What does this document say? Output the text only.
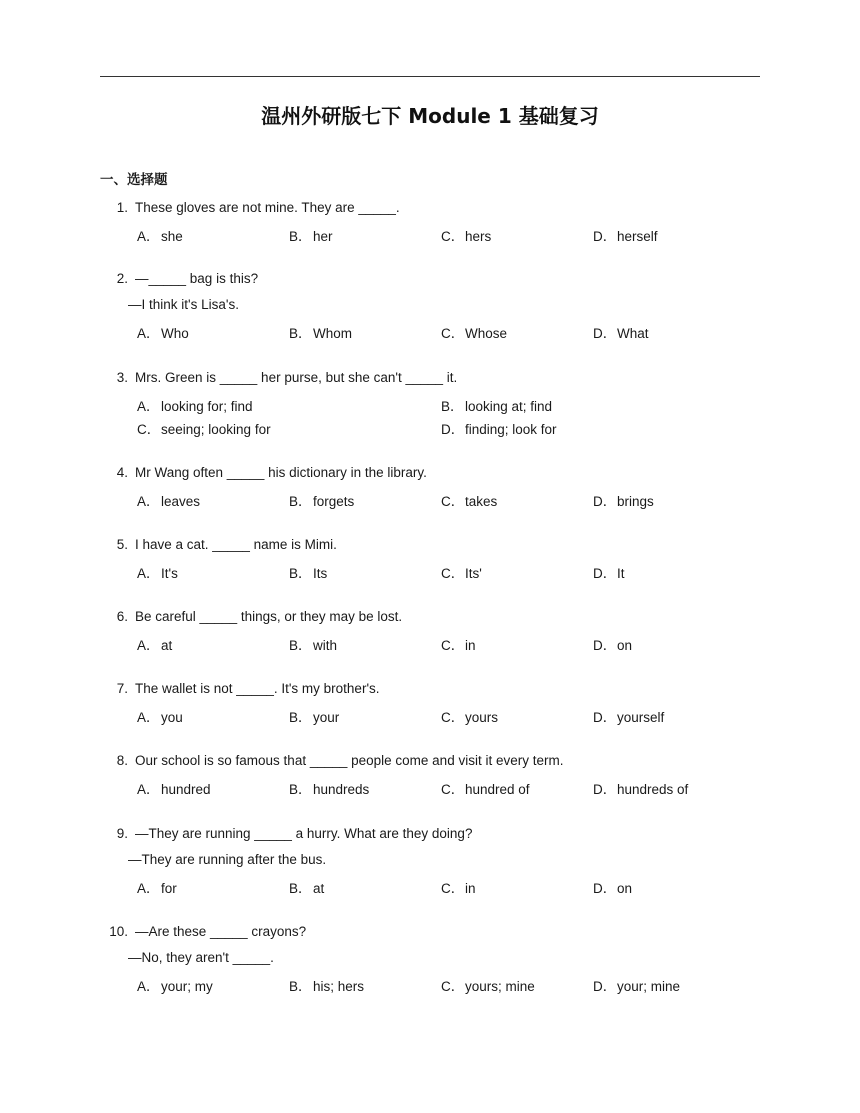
温州外研版七下 Module 1 基础复习
一、选择题
1. These gloves are not mine. They are _____.
A．she	B．her	C．hers	D．herself
2. —_____ bag is this?
—I think it's Lisa's.
A．Who	B．Whom	C．Whose	D．What
3. Mrs. Green is _____ her purse, but she can't _____ it.
A．looking for; find	B．looking at; find
C．seeing; looking for	D．finding; look for
4. Mr Wang often _____ his dictionary in the library.
A．leaves	B．forgets	C．takes	D．brings
5. I have a cat. _____ name is Mimi.
A．It's	B．Its	C．Its'	D．It
6. Be careful _____ things, or they may be lost.
A．at	B．with	C．in	D．on
7. The wallet is not _____. It's my brother's.
A．you	B．your	C．yours	D．yourself
8. Our school is so famous that _____ people come and visit it every term.
A．hundred	B．hundreds	C．hundred of	D．hundreds of
9. —They are running _____ a hurry. What are they doing?
—They are running after the bus.
A．for	B．at	C．in	D．on
10. —Are these _____ crayons?
—No, they aren't _____.
A．your; my	B．his; hers	C．yours; mine	D．your; mine
